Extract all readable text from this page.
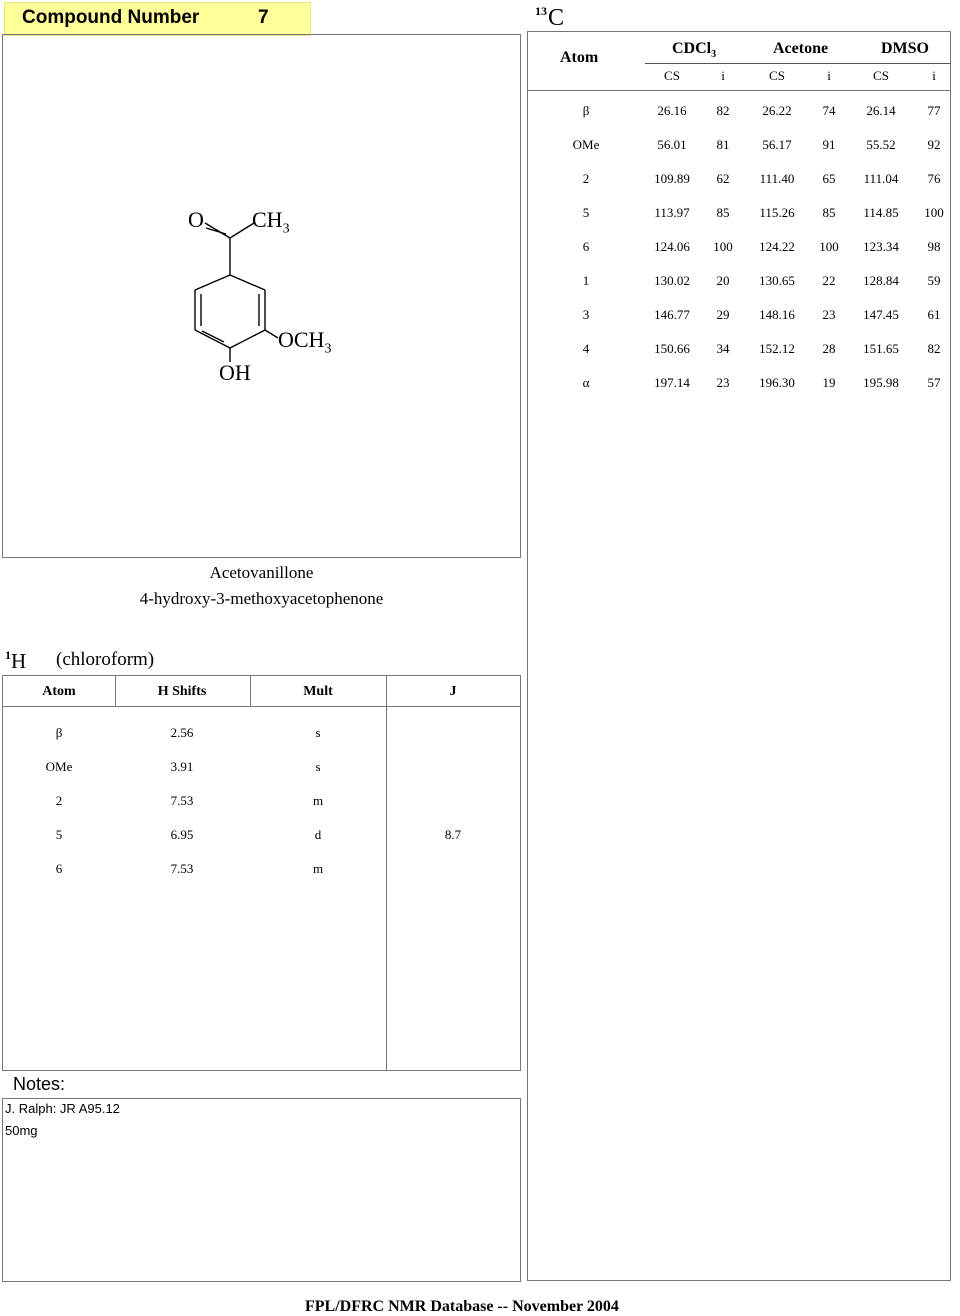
Compound Number	7	$^{13}$C
O $CH_3$
$OCH_3$
OH
Acetovanillone
4-hydroxy-3-methoxyacetophenone
Atom
CDCl$_3$	Acetone	DMSO
CS	i	CS	i	CS	i
β	26.16	82	26.22	74	26.14	77
OMe	56.01	81	56.17	91	55.52	92
2	109.89	62	111.40	65	111.04	76
5	113.97	85	115.26	85	114.85	100
6	124.06	100	124.22	100	123.34	98
1	130.02	20	130.65	22	128.84	59
3	146.77	29	148.16	23	147.45	61
4	150.66	34	152.12	28	151.65	82
α	197.14	23	196.30	19	195.98	57
$^1$H (chloroform)
Atom	H Shifts	Mult	J
β	2.56	s
OMe	3.91	s
2	7.53	m
5	6.95	d	8.7
6	7.53	m
Notes:
J. Ralph: JR A95.12
50mg
FPL/DFRC NMR Database -- November 2004
